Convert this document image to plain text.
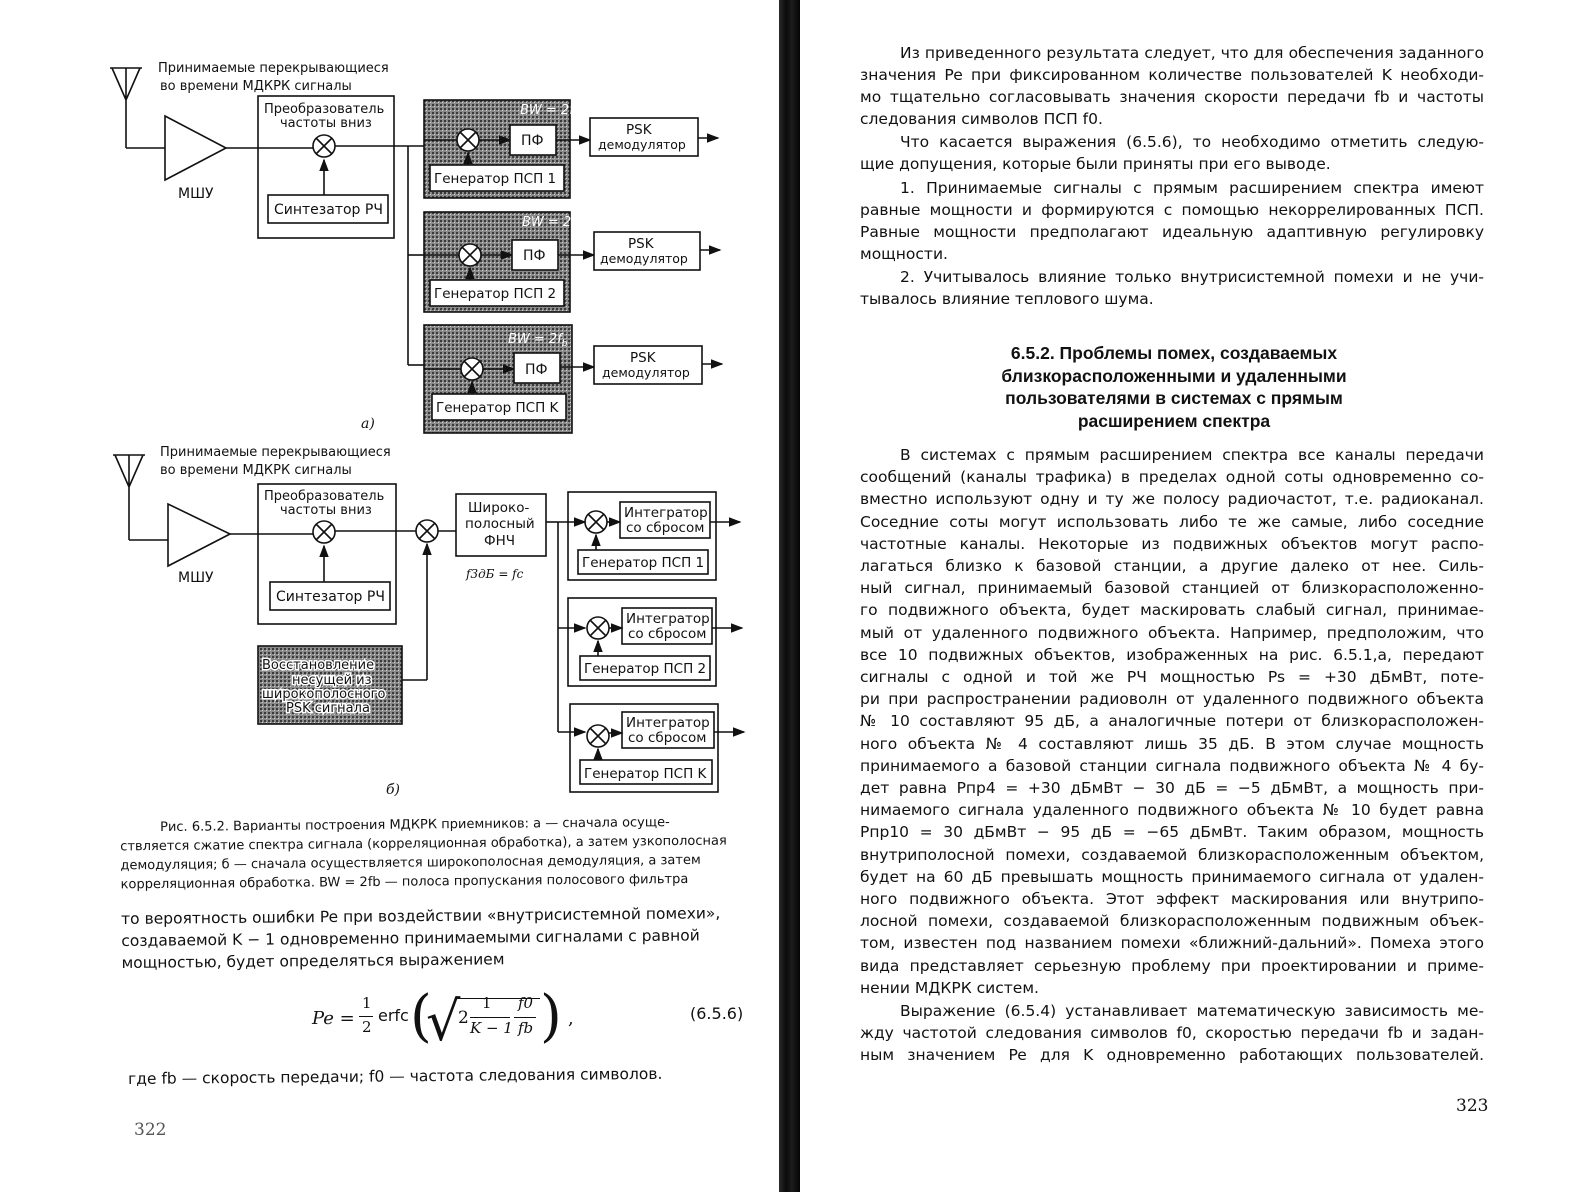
Принимаемые перекрывающиеся
во времени МДКРК сигналы
МШУ
Преобразователь
частоты вниз
Синтезатор РЧ
BW = $2f_b$
ПФ
Генератор ПСП 1
PSK
демодулятор
BW = $2f_b$
ПФ
Генератор ПСП 2
PSK
демодулятор
BW = $2f_b$
ПФ
Генератор ПСП K
PSK
демодулятор
а)
Принимаемые перекрывающиеся
во времени МДКРК сигналы
МШУ
Преобразователь
частоты вниз
Синтезатор РЧ
Широко-
полосный
ФНЧ
f3дБ = fc
Восстановление
несущей из
широкополосного
PSK сигнала
Интегратор
со сбросом
Генератор ПСП 1
Интегратор
со сбросом
Генератор ПСП 2
Интегратор
со сбросом
Генератор ПСП K
б)
Рис. 6.5.2. Варианты построения МДКРК приемников: а — сначала осуще-
ствляется сжатие спектра сигнала (корреляционная обработка), а затем узкополосная
демодуляция; б — сначала осуществляется широкополосная демодуляция, а затем
корреляционная обработка. BW = 2fb — полоса пропускания полосового фильтра
то вероятность ошибки Pe при воздействии «внутрисистемной помехи»,
создаваемой K − 1 одновременно принимаемыми сигналами с равной
мощностью, будет определяться выражением
Pe =
1
2
erfc (
√
2
1
K − 1
f0
fb ) ,	(6.5.6)
где fb — скорость передачи; f0 — частота следования символов.
322
Из приведенного результата следует, что для обеспечения заданного
значения Pe при фиксированном количестве пользователей K необходи-
мо тщательно согласовывать значения скорости передачи fb и частоты
следования символов ПСП f0.
Что касается выражения (6.5.6), то необходимо отметить следую-
щие допущения, которые были приняты при его выводе.
1. Принимаемые сигналы с прямым расширением спектра имеют
равные мощности и формируются с помощью некоррелированных ПСП.
Равные мощности предполагают идеальную адаптивную регулировку
мощности.
2. Учитывалось влияние только внутрисистемной помехи и не учи-
тывалось влияние теплового шума.
6.5.2. Проблемы помех, создаваемых
близкорасположенными и удаленными
пользователями в системах с прямым
расширением спектра
В системах с прямым расширением спектра все каналы передачи
сообщений (каналы трафика) в пределах одной соты одновременно со-
вместно используют одну и ту же полосу радиочастот, т.е. радиоканал.
Соседние соты могут использовать либо те же самые, либо соседние
частотные каналы. Некоторые из подвижных объектов могут распо-
лагаться близко к базовой станции, а другие далеко от нее. Силь-
ный сигнал, принимаемый базовой станцией от близкорасположенно-
го подвижного объекта, будет маскировать слабый сигнал, принимае-
мый от удаленного подвижного объекта. Например, предположим, что
все 10 подвижных объектов, изображенных на рис. 6.5.1,а, передают
сигналы с одной и той же РЧ мощностью Ps = +30 дБмВт, поте-
ри при распространении радиоволн от удаленного подвижного объекта
№ 10 составляют 95 дБ, а аналогичные потери от близкорасположен-
ного объекта № 4 составляют лишь 35 дБ. В этом случае мощность
принимаемого а базовой станции сигнала подвижного объекта № 4 бу-
дет равна Pпр4 = +30 дБмВт − 30 дБ = −5 дБмВт, а мощность при-
нимаемого сигнала удаленного подвижного объекта № 10 будет равна
Pпр10 = 30 дБмВт − 95 дБ = −65 дБмВт. Таким образом, мощность
внутриполосной помехи, создаваемой близкорасположенным объектом,
будет на 60 дБ превышать мощность принимаемого сигнала от удален-
ного подвижного объекта. Этот эффект маскирования или внутрипо-
лосной помехи, создаваемой близкорасположенным подвижным объек-
том, известен под названием помехи «ближний-дальний». Помеха этого
вида представляет серьезную проблему при проектировании и приме-
нении МДКРК систем.
Выражение (6.5.4) устанавливает математическую зависимость ме-
жду частотой следования символов f0, скоростью передачи fb и задан-
ным значением Pe для K одновременно работающих пользователей.
323
